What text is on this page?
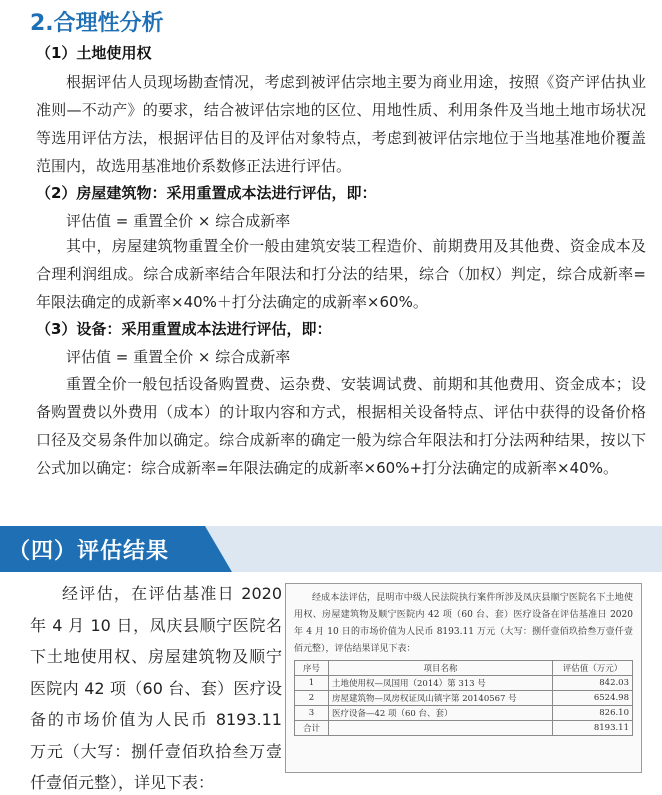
2.合理性分析
（1）土地使用权
根据评估人员现场勘查情况，考虑到被评估宗地主要为商业用途，按照《资产评估执业准则—不动产》的要求，结合被评估宗地的区位、用地性质、利用条件及当地土地市场状况等选用评估方法，根据评估目的及评估对象特点，考虑到被评估宗地位于当地基准地价覆盖范围内，故选用基准地价系数修正法进行评估。
（2）房屋建筑物：采用重置成本法进行评估，即：
评估值 = 重置全价 × 综合成新率
其中，房屋建筑物重置全价一般由建筑安装工程造价、前期费用及其他费、资金成本及合理利润组成。综合成新率结合年限法和打分法的结果，综合（加权）判定，综合成新率=年限法确定的成新率×40%＋打分法确定的成新率×60%。
（3）设备：采用重置成本法进行评估，即：
评估值 = 重置全价 × 综合成新率
重置全价一般包括设备购置费、运杂费、安装调试费、前期和其他费用、资金成本；设备购置费以外费用（成本）的计取内容和方式，根据相关设备特点、评估中获得的设备价格口径及交易条件加以确定。综合成新率的确定一般为综合年限法和打分法两种结果，按以下公式加以确定：综合成新率=年限法确定的成新率×60%+打分法确定的成新率×40%。
（四）评估结果
经评估，在评估基准日 2020 年 4 月 10 日，凤庆县顺宁医院名下土地使用权、房屋建筑物及顺宁医院内 42 项（60 台、套）医疗设备的市场价值为人民币 8193.11 万元（大写：捌仟壹佰玖拾叁万壹仟壹佰元整），详见下表：
经成本法评估，昆明市中级人民法院执行案件所涉及凤庆县顺宁医院名下土地使用权、房屋建筑物及顺宁医院内 42 项（60 台、套）医疗设备在评估基准日 2020 年 4 月 10 日的市场价值为人民币 8193.11 万元（大写：捌仟壹佰玖拾叁万壹仟壹佰元整），评估结果详见下表：
序号	项目名称	评估值（万元）
1	土地使用权—凤国用（2014）第 313 号	842.03
2	房屋建筑物—凤房权证凤山镇字第 20140567 号	6524.98
3	医疗设备—42 项（60 台、套）	826.10
合计		8193.11
